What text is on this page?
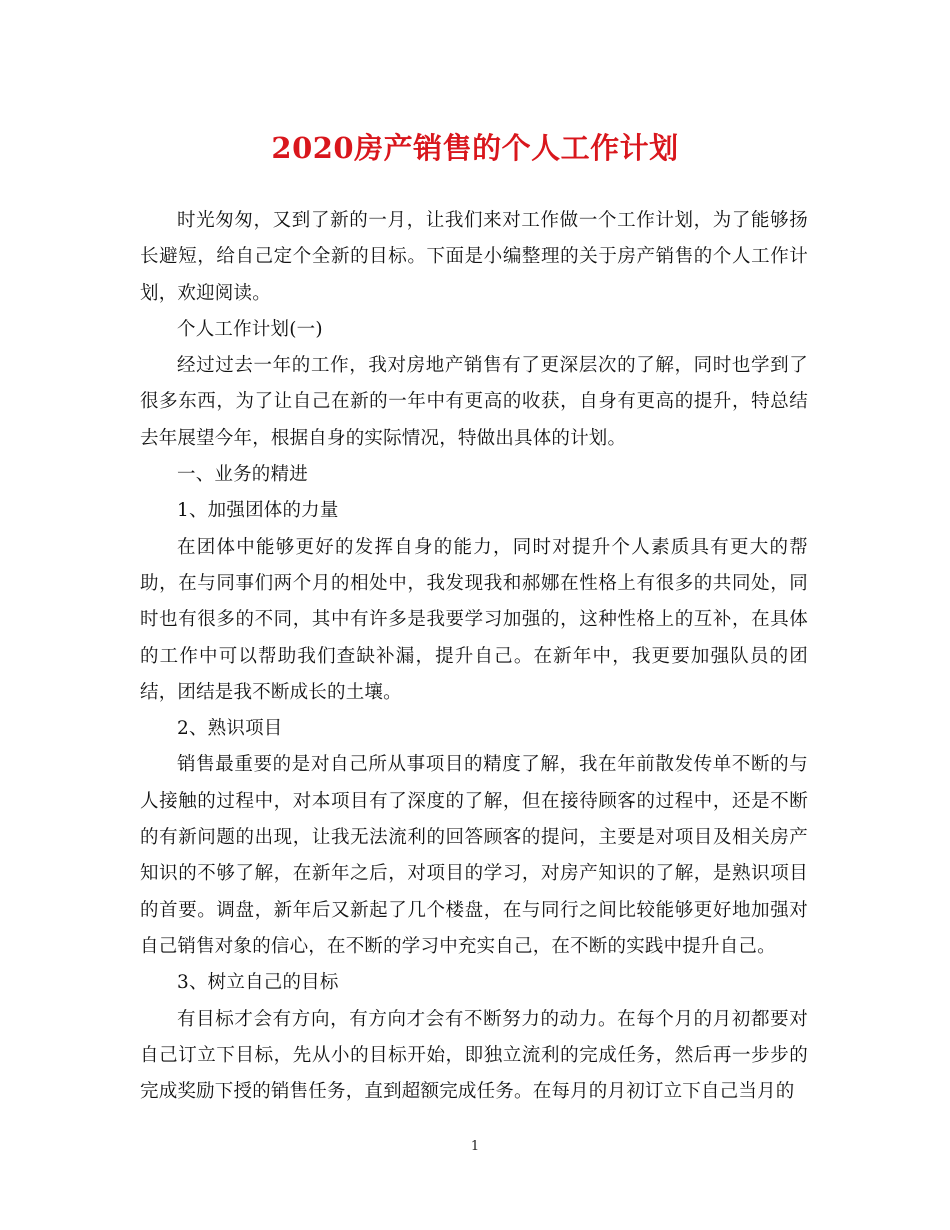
2020房产销售的个人工作计划

时光匆匆，又到了新的一月，让我们来对工作做一个工作计划，为了能够扬长避短，给自己定个全新的目标。下面是小编整理的关于房产销售的个人工作计划，欢迎阅读。

个人工作计划(一)

经过过去一年的工作，我对房地产销售有了更深层次的了解，同时也学到了很多东西，为了让自己在新的一年中有更高的收获，自身有更高的提升，特总结去年展望今年，根据自身的实际情况，特做出具体的计划。

一、业务的精进

1、加强团体的力量

在团体中能够更好的发挥自身的能力，同时对提升个人素质具有更大的帮助，在与同事们两个月的相处中，我发现我和郝娜在性格上有很多的共同处，同时也有很多的不同，其中有许多是我要学习加强的，这种性格上的互补，在具体的工作中可以帮助我们查缺补漏，提升自己。在新年中，我更要加强队员的团结，团结是我不断成长的土壤。

2、熟识项目

销售最重要的是对自己所从事项目的精度了解，我在年前散发传单不断的与人接触的过程中，对本项目有了深度的了解，但在接待顾客的过程中，还是不断的有新问题的出现，让我无法流利的回答顾客的提问，主要是对项目及相关房产知识的不够了解，在新年之后，对项目的学习，对房产知识的了解，是熟识项目的首要。调盘，新年后又新起了几个楼盘，在与同行之间比较能够更好地加强对自己销售对象的信心，在不断的学习中充实自己，在不断的实践中提升自己。

3、树立自己的目标

有目标才会有方向，有方向才会有不断努力的动力。在每个月的月初都要对自己订立下目标，先从小的目标开始，即独立流利的完成任务，然后再一步步的完成奖励下授的销售任务，直到超额完成任务。在每月的月初订立下自己当月的

1
